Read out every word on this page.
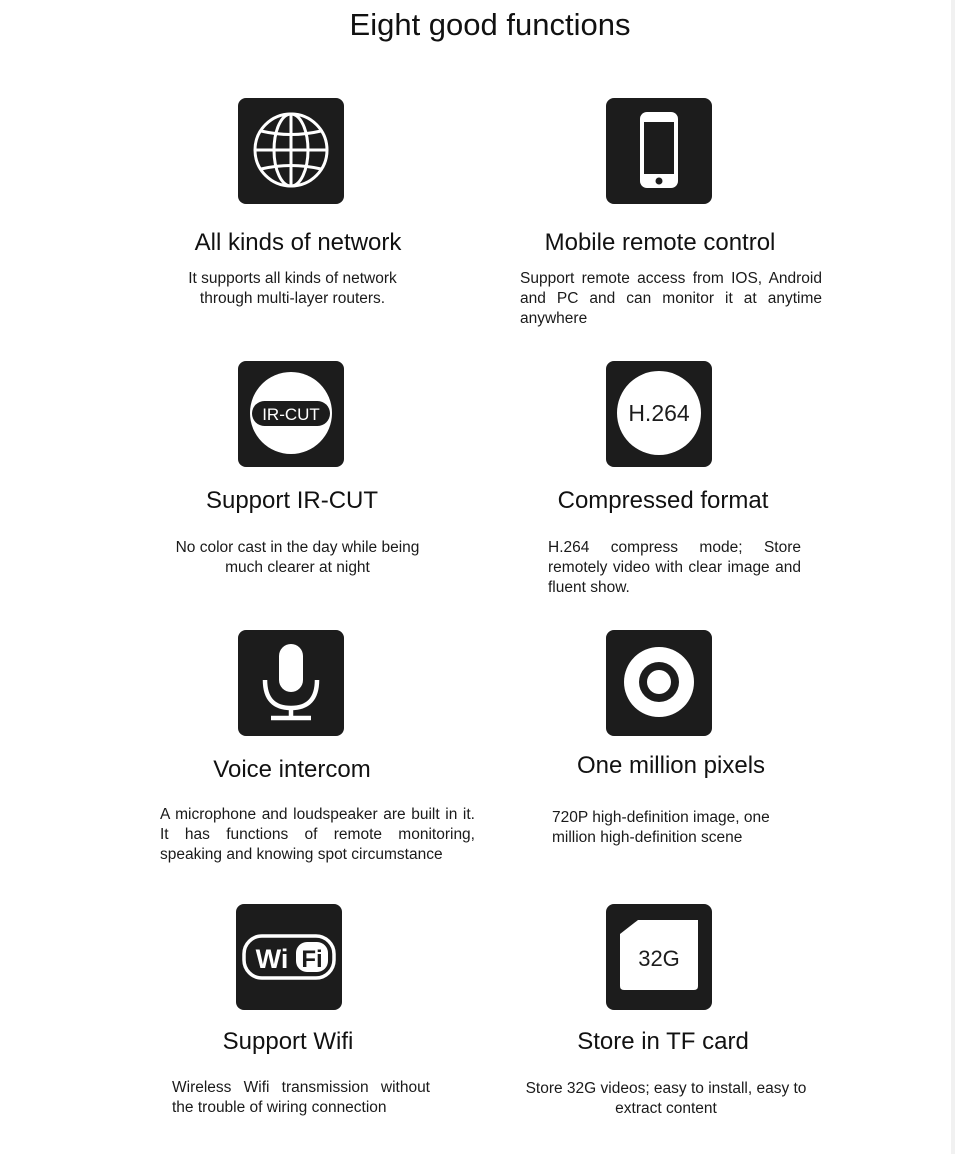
Eight good functions
All kinds of network
It supports all kinds of network through multi-layer routers.
Mobile remote control
Support remote access from IOS, Android and PC and can monitor it at anytime anywhere
IR-CUT
Support IR-CUT
No color cast in the day while being much clearer at night
H.264
Compressed format
H.264 compress mode; Store remotely video with clear image and fluent show.
Voice intercom
A microphone and loudspeaker are built in it. It has functions of remote monitoring, speaking and knowing spot circumstance
One million pixels
720P high-definition image, one million high-definition scene
Wi Fi
Support Wifi
Wireless Wifi transmission without the trouble of wiring connection
32G
Store in TF card
Store 32G videos; easy to install, easy to extract content
